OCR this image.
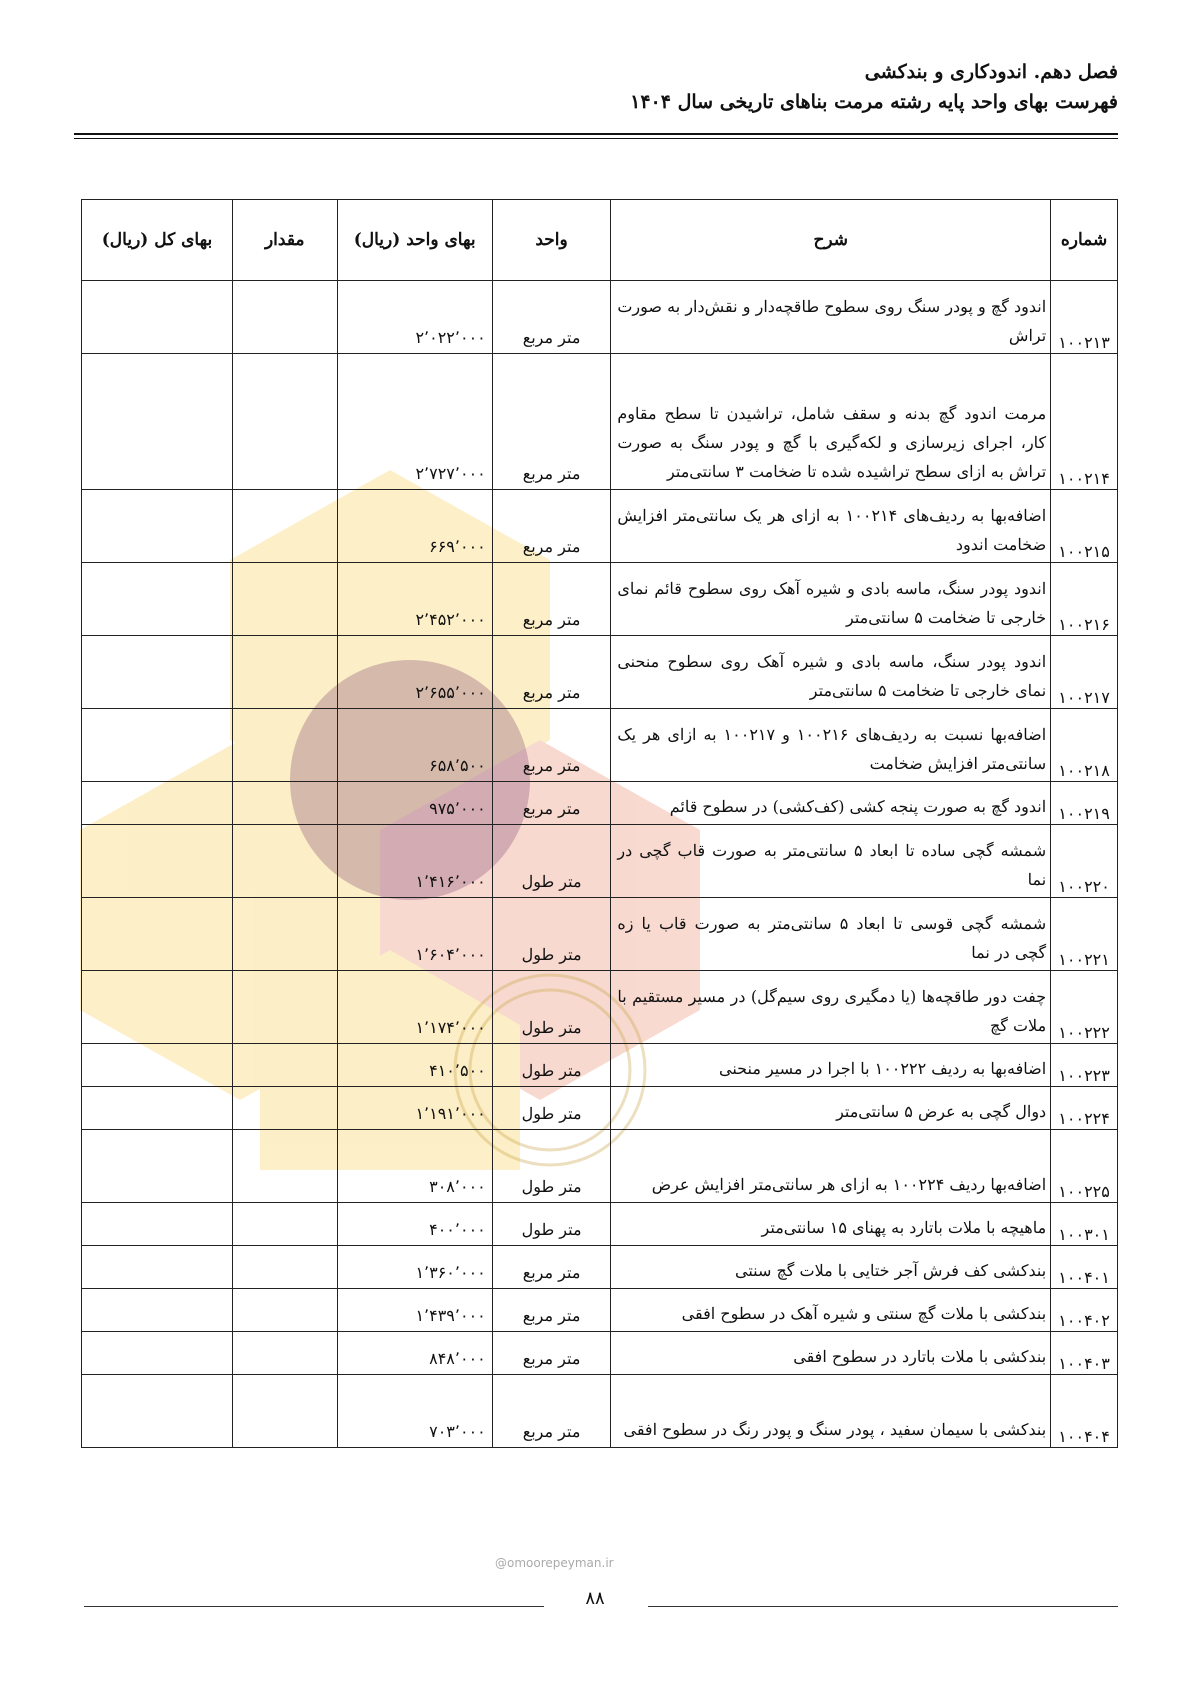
فصل دهم. اندودکاری و بندکشی
فهرست بهای واحد پایه رشته مرمت بناهای تاریخی سال ۱۴۰۴
شماره	شرح	واحد	بهای واحد (ریال)	مقدار	بهای کل (ریال)
۱۰۰۲۱۳	اندود گچ و پودر سنگ روی سطوح طاقچه‌دار و نقش‌دار به صورت تراش	متر مربع	۲٬۰۲۲٬۰۰۰		
۱۰۰۲۱۴	مرمت اندود گچ بدنه و سقف شامل، تراشیدن تا سطح مقاوم کار، اجرای زیرسازی و لکه‌گیری با گچ و پودر سنگ به صورت تراش به ازای سطح تراشیده شده تا ضخامت ۳ سانتی‌متر	متر مربع	۲٬۷۲۷٬۰۰۰		
۱۰۰۲۱۵	اضافه‌بها به ردیف‌های ۱۰۰۲۱۴ به ازای هر یک سانتی‌متر افزایش ضخامت اندود	متر مربع	۶۶۹٬۰۰۰		
۱۰۰۲۱۶	اندود پودر سنگ، ماسه بادی و شیره آهک روی سطوح قائم نمای خارجی تا ضخامت ۵ سانتی‌متر	متر مربع	۲٬۴۵۲٬۰۰۰		
۱۰۰۲۱۷	اندود پودر سنگ، ماسه بادی و شیره آهک روی سطوح منحنی نمای خارجی تا ضخامت ۵ سانتی‌متر	متر مربع	۲٬۶۵۵٬۰۰۰		
۱۰۰۲۱۸	اضافه‌بها نسبت به ردیف‌های ۱۰۰۲۱۶ و ۱۰۰۲۱۷ به ازای هر یک سانتی‌متر افزایش ضخامت	متر مربع	۶۵۸٬۵۰۰		
۱۰۰۲۱۹	اندود گچ به صورت پنجه کشی (کف‌کشی) در سطوح قائم	متر مربع	۹۷۵٬۰۰۰		
۱۰۰۲۲۰	شمشه گچی ساده تا ابعاد ۵ سانتی‌متر به صورت قاب گچی در نما	متر طول	۱٬۴۱۶٬۰۰۰		
۱۰۰۲۲۱	شمشه گچی قوسی تا ابعاد ۵ سانتی‌متر به صورت قاب یا زه گچی در نما	متر طول	۱٬۶۰۴٬۰۰۰		
۱۰۰۲۲۲	چفت دور طاقچه‌ها (یا دمگیری روی سیم‌گل) در مسیر مستقیم با ملات گچ	متر طول	۱٬۱۷۴٬۰۰۰		
۱۰۰۲۲۳	اضافه‌بها به ردیف ۱۰۰۲۲۲ با اجرا در مسیر منحنی	متر طول	۴۱۰٬۵۰۰		
۱۰۰۲۲۴	دوال گچی به عرض ۵ سانتی‌متر	متر طول	۱٬۱۹۱٬۰۰۰		
۱۰۰۲۲۵	اضافه‌بها ردیف ۱۰۰۲۲۴ به ازای هر سانتی‌متر افزایش عرض	متر طول	۳۰۸٬۰۰۰		
۱۰۰۳۰۱	ماهیچه با ملات باتارد به پهنای ۱۵ سانتی‌متر	متر طول	۴۰۰٬۰۰۰		
۱۰۰۴۰۱	بندکشی کف فرش آجر ختایی با ملات گچ سنتی	متر مربع	۱٬۳۶۰٬۰۰۰		
۱۰۰۴۰۲	بندکشی با ملات گچ سنتی و شیره آهک در سطوح افقی	متر مربع	۱٬۴۳۹٬۰۰۰		
۱۰۰۴۰۳	بندکشی با ملات باتارد در سطوح افقی	متر مربع	۸۴۸٬۰۰۰		
۱۰۰۴۰۴	بندکشی با سیمان سفید ، پودر سنگ و پودر رنگ در سطوح افقی	متر مربع	۷۰۳٬۰۰۰		
@omoorepeyman.ir
۸۸
